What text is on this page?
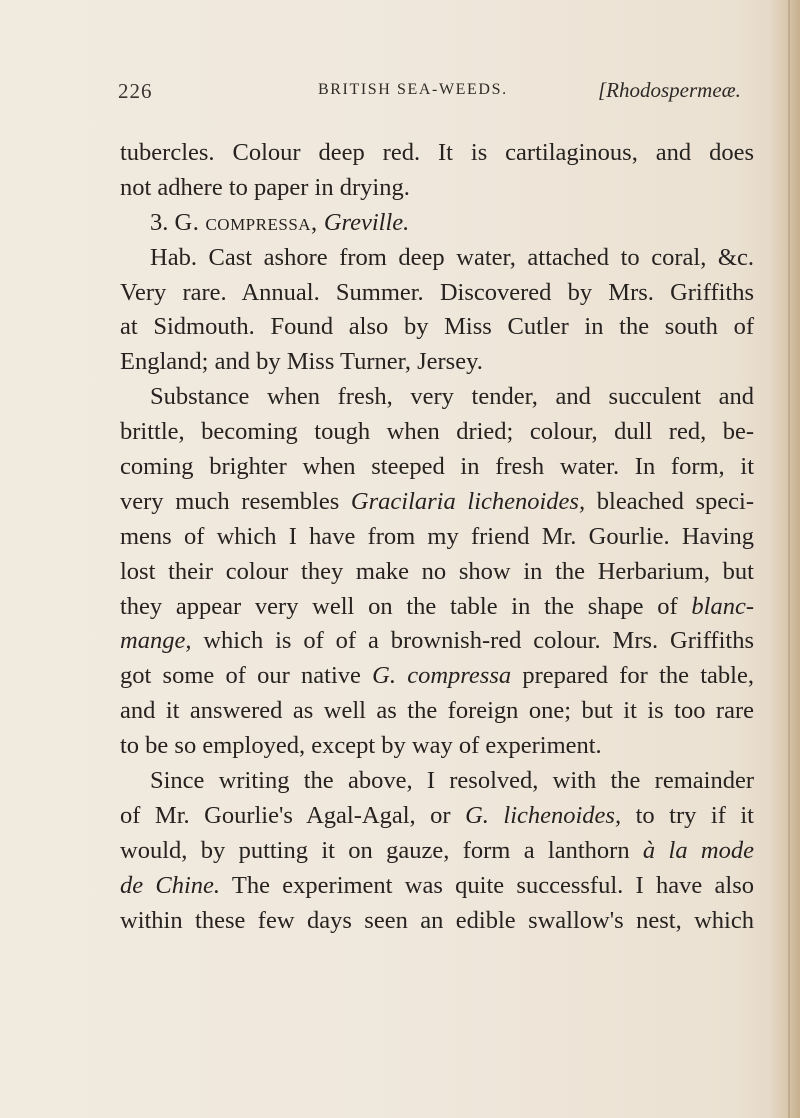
226	BRITISH SEA-WEEDS.	[Rhodospermeæ.
tubercles. Colour deep red. It is cartilaginous, and does
not adhere to paper in drying.
3. G. compressa, Greville.
Hab. Cast ashore from deep water, attached to coral, &c.
Very rare. Annual. Summer. Discovered by Mrs. Griffiths
at Sidmouth. Found also by Miss Cutler in the south of
England; and by Miss Turner, Jersey.
Substance when fresh, very tender, and succulent and
brittle, becoming tough when dried; colour, dull red, be-
coming brighter when steeped in fresh water. In form, it
very much resembles Gracilaria lichenoides, bleached speci-
mens of which I have from my friend Mr. Gourlie. Having
lost their colour they make no show in the Herbarium, but
they appear very well on the table in the shape of blanc-
mange, which is of of a brownish-red colour. Mrs. Griffiths
got some of our native G. compressa prepared for the table,
and it answered as well as the foreign one; but it is too rare
to be so employed, except by way of experiment.
Since writing the above, I resolved, with the remainder
of Mr. Gourlie's Agal-Agal, or G. lichenoides, to try if it
would, by putting it on gauze, form a lanthorn à la mode
de Chine. The experiment was quite successful. I have also
within these few days seen an edible swallow's nest, which
